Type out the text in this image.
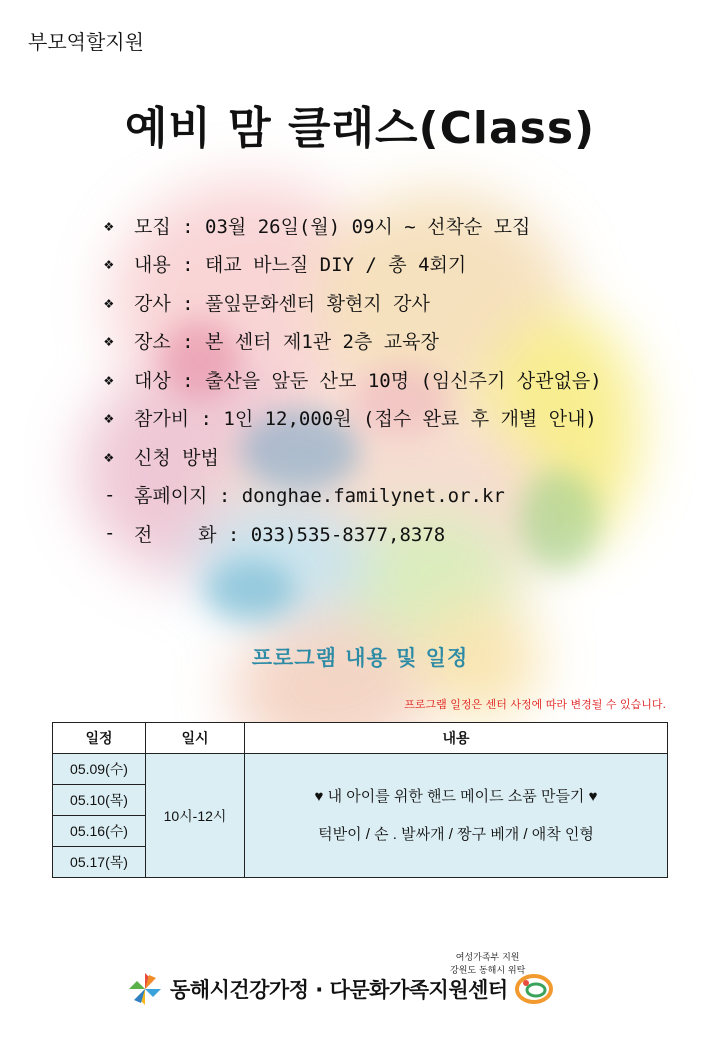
부모역할지원
예비 맘 클래스(Class)
❖	모집 : 03월 26일(월) 09시 ~ 선착순 모집
❖	내용 : 태교 바느질 DIY / 총 4회기
❖	강사 : 풀잎문화센터 황현지 강사
❖	장소 : 본 센터 제1관 2층 교육장
❖	대상 : 출산을 앞둔 산모 10명 (임신주기 상관없음)
❖	참가비 : 1인 12,000원 (접수 완료 후 개별 안내)
❖	신청 방법
- 홈페이지 : donghae.familynet.or.kr
- 전    화 : 033)535-8377,8378
프로그램 내용 및 일정
프로그램 일정은 센터 사정에 따라 변경될 수 있습니다.
일정	일시	내용
05.09(수)	10시-12시	♥ 내 아이를 위한 핸드 메이드 소품 만들기 ♥
턱받이 / 손 . 발싸개 / 짱구 베개 / 애착 인형

05.10(목)		
05.16(수)		
05.17(목)		
여성가족부 지원
강원도 동해시 위탁
동해시건강가정 · 다문화가족지원센터
